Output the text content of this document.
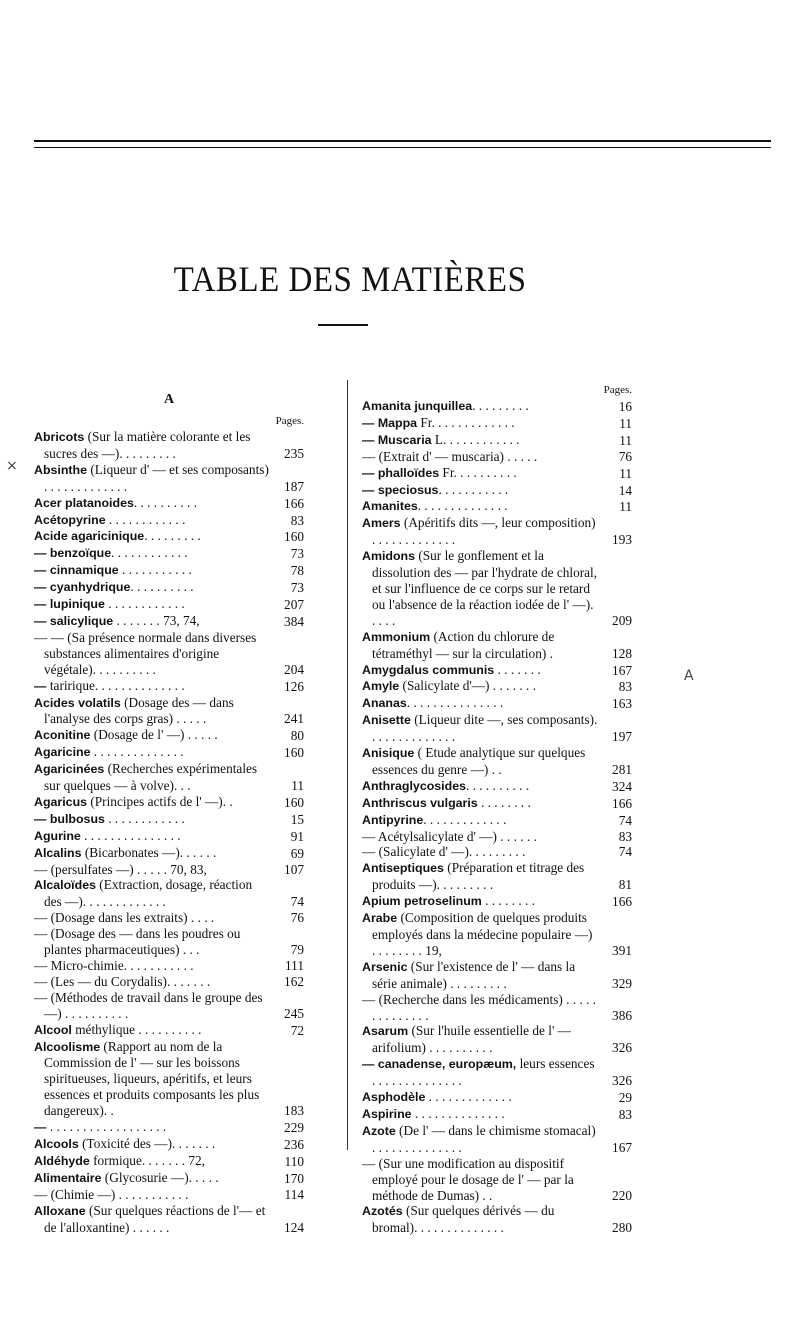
TABLE DES MATIÈRES
×
A
A
Pages.
Abricots (Sur la matière colorante et les sucres des —). . . . . . . . .	235
Absinthe (Liqueur d' — et ses composants) . . . . . . . . . . . . .	187
Acer platanoides. . . . . . . . . .	166
Acétopyrine . . . . . . . . . . . .	83
Acide agaricinique. . . . . . . . .	160
— benzoïque. . . . . . . . . . . .	73
— cinnamique . . . . . . . . . . .	78
— cyanhydrique. . . . . . . . . .	73
— lupinique . . . . . . . . . . . .	207
— salicylique . . . . . . . 73, 74,	384
— — (Sa présence normale dans diverses substances alimentaires d'origine végétale). . . . . . . . . .	204
— taririque. . . . . . . . . . . . . .	126
Acides volatils (Dosage des — dans l'analyse des corps gras) . . . . .	241
Aconitine (Dosage de l' —) . . . . .	80
Agaricine . . . . . . . . . . . . . .	160
Agaricinées (Recherches expérimentales sur quelques — à volve). . .	11
Agaricus (Principes actifs de l' —). .	160
— bulbosus . . . . . . . . . . . .	15
Agurine . . . . . . . . . . . . . . .	91
Alcalins (Bicarbonates —). . . . . .	69
— (persulfates —) . . . . . 70, 83,	107
Alcaloïdes (Extraction, dosage, réaction des —). . . . . . . . . . . . .	74
— (Dosage dans les extraits) . . . .	76
— (Dosage des — dans les poudres ou plantes pharmaceutiques) . . .	79
— Micro-chimie. . . . . . . . . . .	111
— (Les — du Corydalis). . . . . . .	162
— (Méthodes de travail dans le groupe des —) . . . . . . . . . .	245
Alcool méthylique . . . . . . . . . .	72
Alcoolisme (Rapport au nom de la Commission de l' — sur les boissons spiritueuses, liqueurs, apéritifs, et leurs essences et produits composants les plus dangereux). .	183
— . . . . . . . . . . . . . . . . . .	229
Alcools (Toxicité des —). . . . . . .	236
Aldéhyde formique. . . . . . . 72,	110
Alimentaire (Glycosurie —). . . . .	170
— (Chimie —) . . . . . . . . . . .	114
Alloxane (Sur quelques réactions de l'— et de l'alloxantine) . . . . . .	124
Pages.
Amanita junquillea. . . . . . . . .	16
— Mappa Fr. . . . . . . . . . . . .	11
— Muscaria L. . . . . . . . . . . .	11
— (Extrait d' — muscaria) . . . . .	76
— phalloïdes Fr. . . . . . . . . .	11
— speciosus. . . . . . . . . . .	14
Amanites. . . . . . . . . . . . . .	11
Amers (Apéritifs dits —, leur composition) . . . . . . . . . . . . .	193
Amidons (Sur le gonflement et la dissolution des — par l'hydrate de chloral, et sur l'influence de ce corps sur le retard ou l'absence de la réaction iodée de l' —). . . . .	209
Ammonium (Action du chlorure de tétraméthyl — sur la circulation) .	128
Amygdalus communis . . . . . . .	167
Amyle (Salicylate d'—) . . . . . . .	83
Ananas. . . . . . . . . . . . . . .	163
Anisette (Liqueur dite —, ses composants). . . . . . . . . . . . . .	197
Anisique ( Etude analytique sur quelques essences du genre —) . .	281
Anthraglycosides. . . . . . . . . .	324
Anthriscus vulgaris . . . . . . . .	166
Antipyrine. . . . . . . . . . . . .	74
— Acétylsalicylate d' —) . . . . . .	83
— (Salicylate d' —). . . . . . . . .	74
Antiseptiques (Préparation et titrage des produits —). . . . . . . . .	81
Apium petroselinum . . . . . . . .	166
Arabe (Composition de quelques produits employés dans la médecine populaire —) . . . . . . . . 19,	391
Arsenic (Sur l'existence de l' — dans la série animale) . . . . . . . . .	329
— (Recherche dans les médicaments) . . . . . . . . . . . . . .	386
Asarum (Sur l'huile essentielle de l' — arifolium) . . . . . . . . . .	326
— canadense, europæum, leurs essences . . . . . . . . . . . . . .	326
Asphodèle . . . . . . . . . . . . .	29
Aspirine . . . . . . . . . . . . . .	83
Azote (De l' — dans le chimisme stomacal) . . . . . . . . . . . . . .	167
— (Sur une modification au dispositif employé pour le dosage de l' — par la méthode de Dumas) . .	220
Azotés (Sur quelques dérivés — du bromal). . . . . . . . . . . . . .	280
